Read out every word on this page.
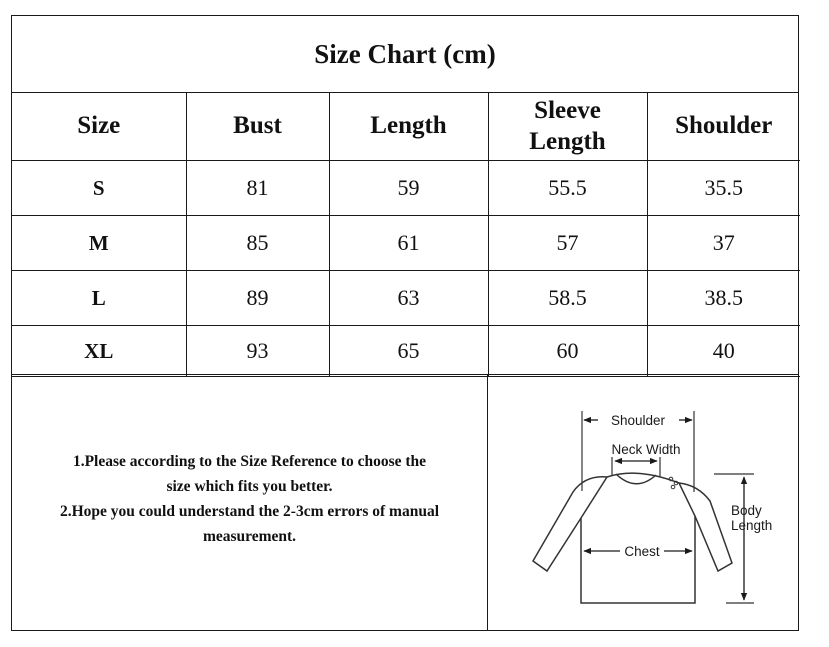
Size Chart (cm)
Size	Bust	Length	Sleeve Length	Shoulder
S	81	59	55.5	35.5
M	85	61	57	37
L	89	63	58.5	38.5
XL	93	65	60	40
1.Please according to the Size Reference to choose the
size which fits you better.
2.Hope you could understand the 2-3cm errors of manual
measurement.
Shoulder
Neck Width
Chest
Body
Length
